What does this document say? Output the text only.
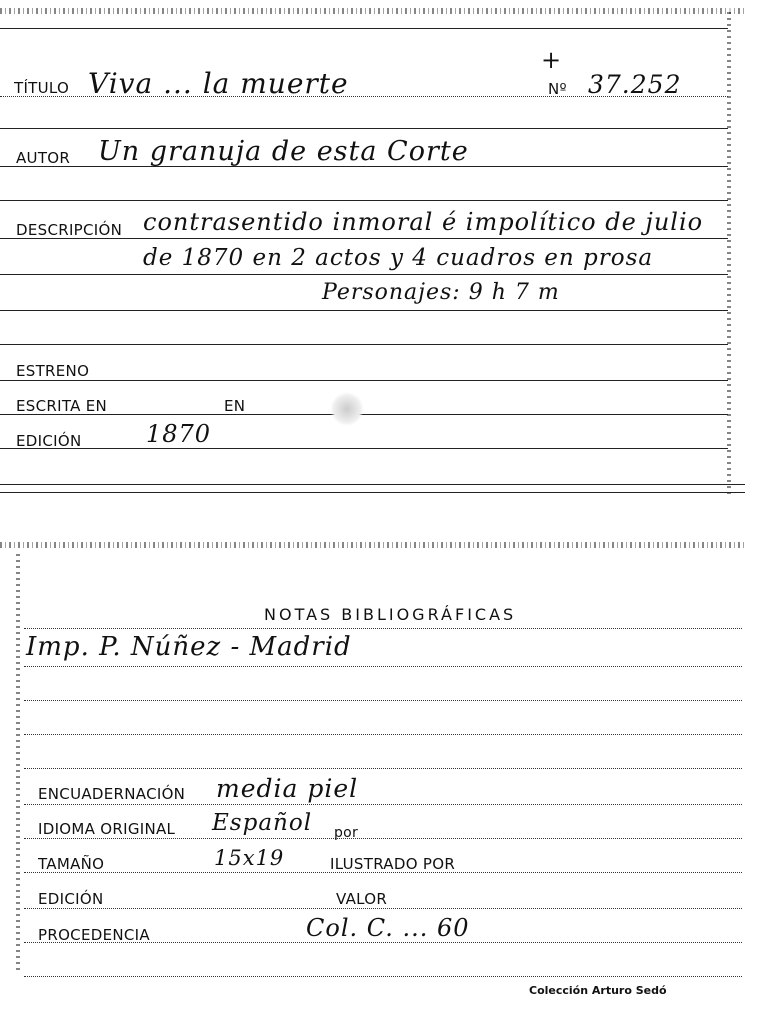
TÍTULO Viva ... la muerte	Nº 37.252
+
AUTOR Un granuja de esta Corte
DESCRIPCIÓN contrasentido inmoral é impolítico de julio
de 1870 en 2 actos y 4 cuadros en prosa
Personajes: 9 h 7 m
ESTRENO
ESCRITA EN	EN
EDICIÓN	1870
NOTAS BIBLIOGRÁFICAS
Imp. P. Núñez - Madrid
ENCUADERNACIÓN media piel
IDIOMA ORIGINAL Español por
TAMAÑO	15x19	ILUSTRADO POR
EDICIÓN	VALOR
PROCEDENCIA	Col. C. ... 60
Colección Arturo Sedó
